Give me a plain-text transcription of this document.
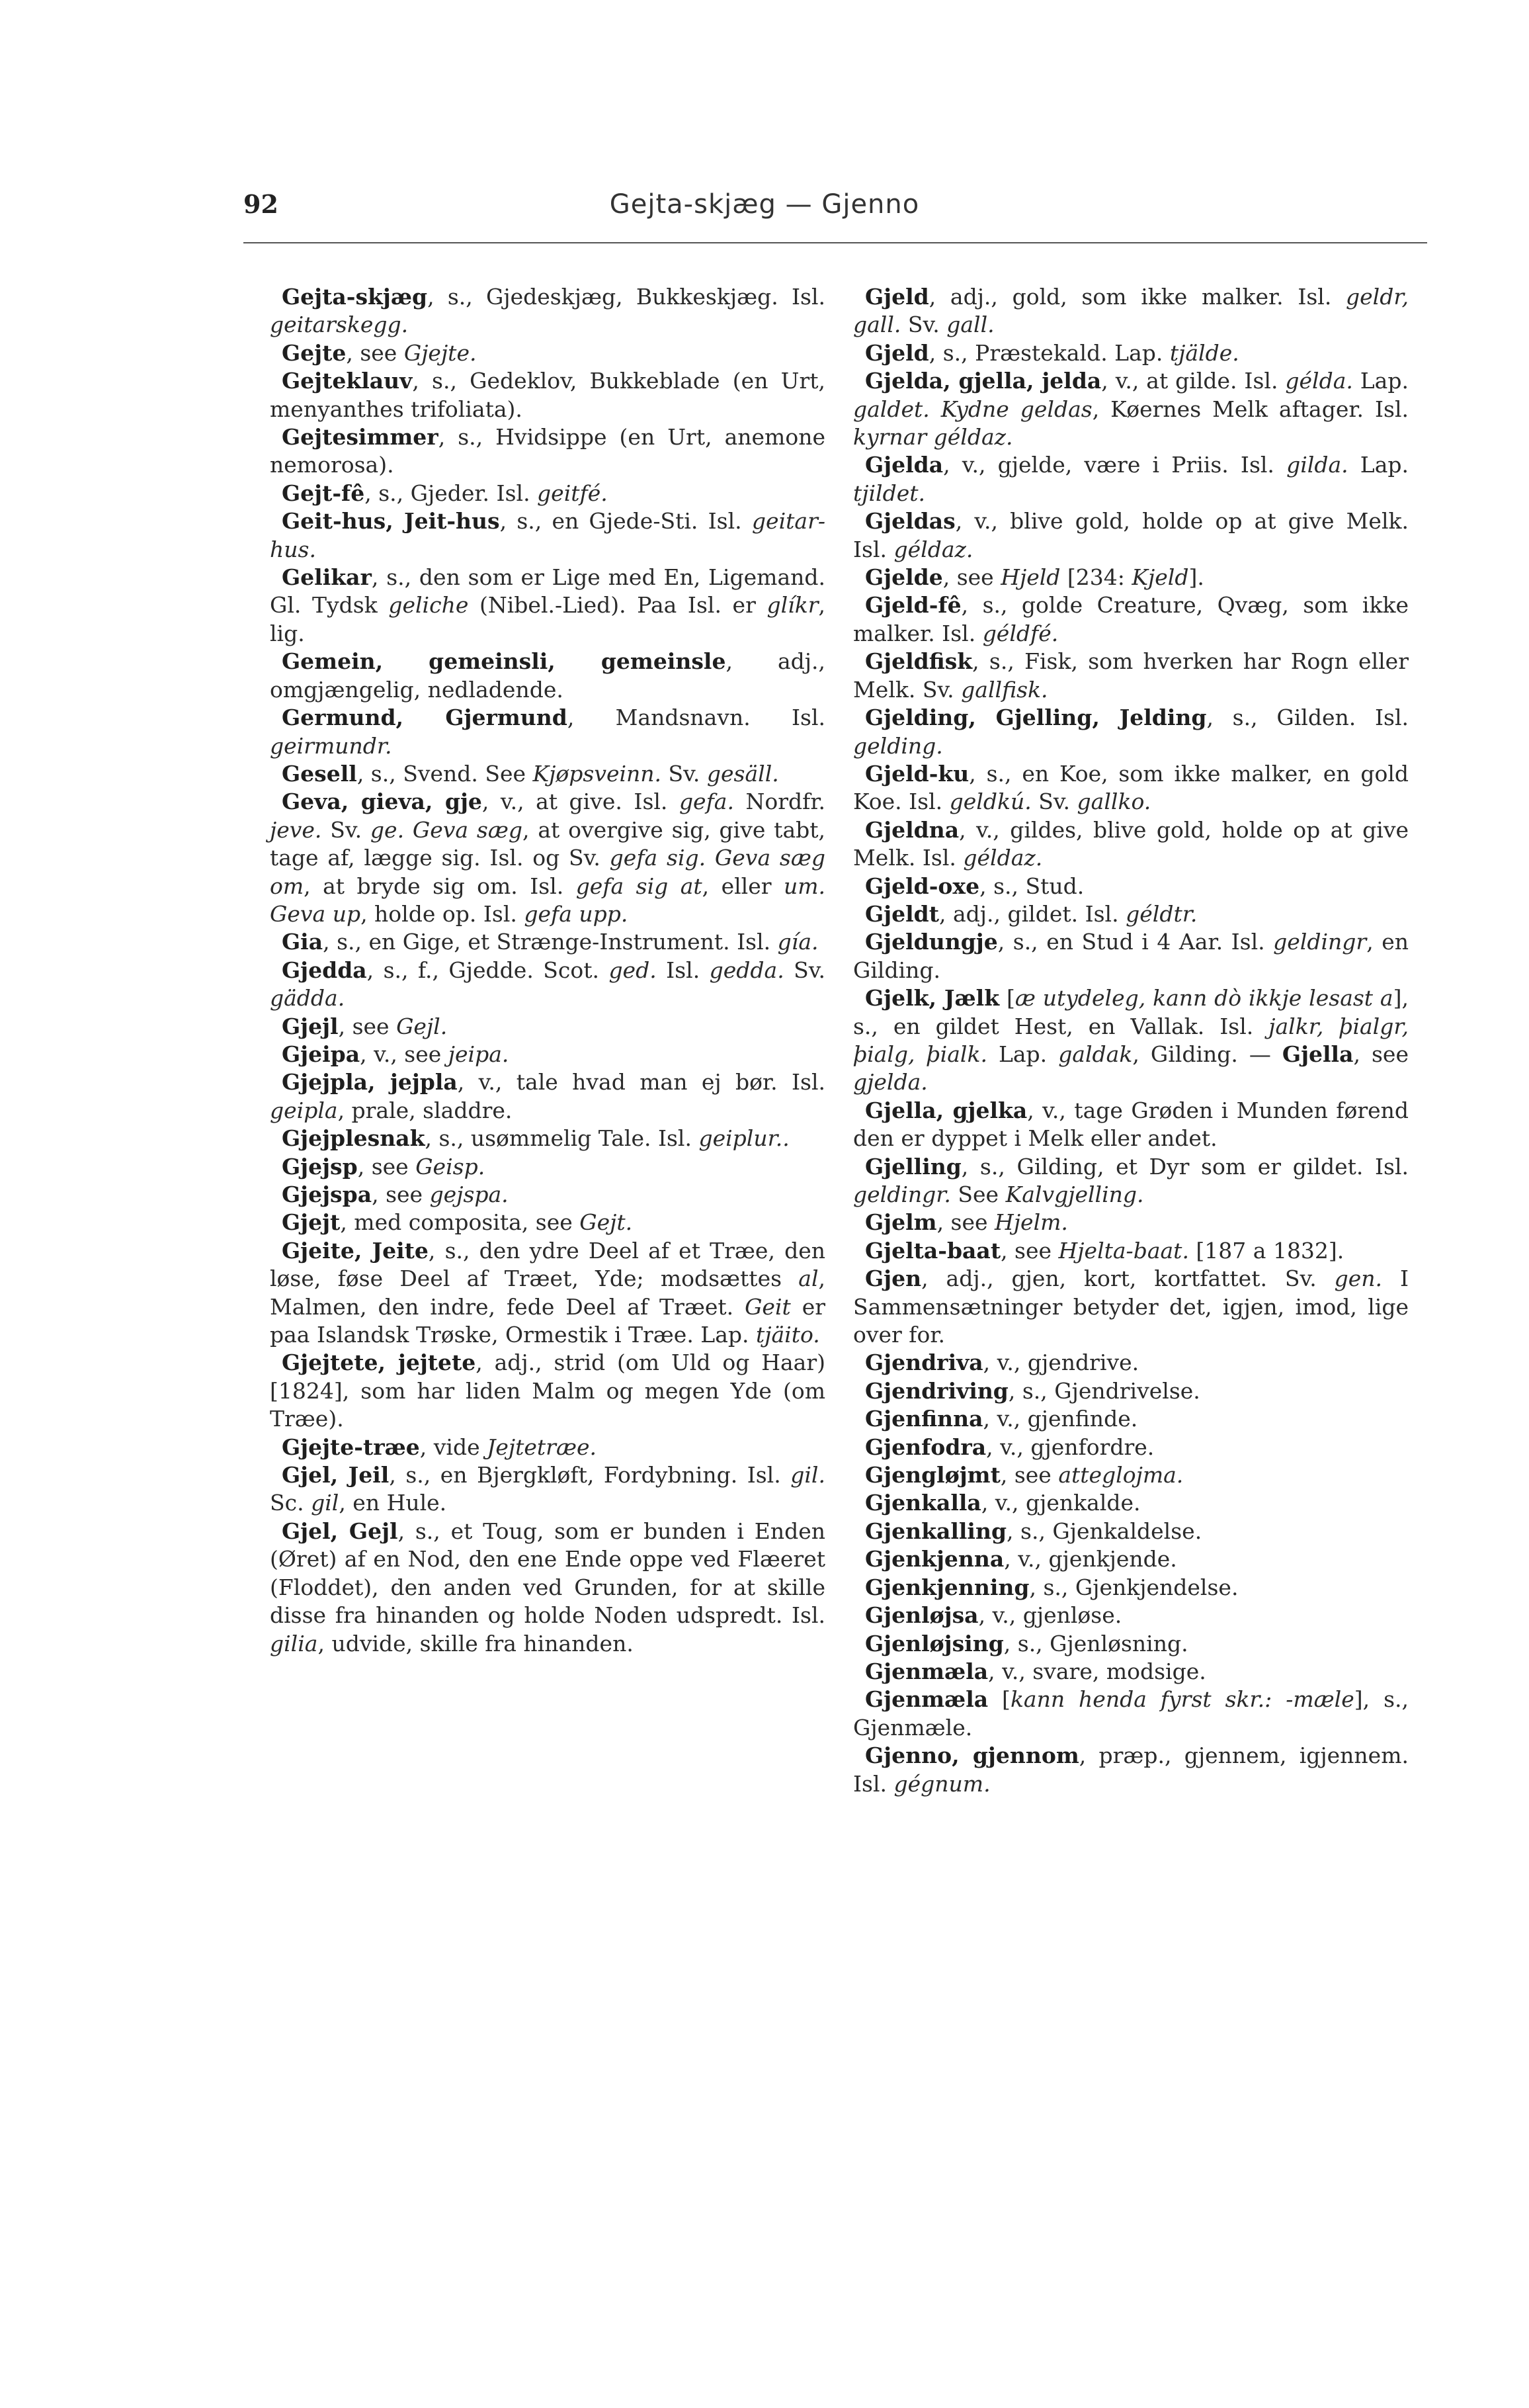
92	Gejta-skjæg — Gjenno

Gejta-skjæg, s., Gjedeskjæg, Bukkeskjæg. Isl. geitarskegg.

Gejte, see Gjejte.

Gejteklauv, s., Gedeklov, Bukkeblade (en Urt, menyanthes trifoliata).

Gejtesimmer, s., Hvidsippe (en Urt, anemone nemorosa).

Gejt-fê, s., Gjeder. Isl. geitfé.

Geit-hus, Jeit-hus, s., en Gjede-Sti. Isl. geitar-hus.

Gelikar, s., den som er Lige med En, Ligemand. Gl. Tydsk geliche (Nibel.-Lied). Paa Isl. er glíkr, lig.

Gemein, gemeinsli, gemeinsle, adj., omgjængelig, nedladende.

Germund, Gjermund, Mandsnavn. Isl. geirmundr.

Gesell, s., Svend. See Kjøpsveinn. Sv. gesäll.

Geva, gieva, gje, v., at give. Isl. gefa. Nordfr. jeve. Sv. ge. Geva sæg, at overgive sig, give tabt, tage af, lægge sig. Isl. og Sv. gefa sig. Geva sæg om, at bryde sig om. Isl. gefa sig at, eller um. Geva up, holde op. Isl. gefa upp.

Gia, s., en Gige, et Strænge-Instrument. Isl. gía.

Gjedda, s., f., Gjedde. Scot. ged. Isl. gedda. Sv. gädda.

Gjejl, see Gejl.

Gjeipa, v., see jeipa.

Gjejpla, jejpla, v., tale hvad man ej bør. Isl. geipla, prale, sladdre.

Gjejplesnak, s., usømmelig Tale. Isl. geiplur..

Gjejsp, see Geisp.

Gjejspa, see gejspa.

Gjejt, med composita, see Gejt.

Gjeite, Jeite, s., den ydre Deel af et Træe, den løse, føse Deel af Træet, Yde; modsættes al, Malmen, den indre, fede Deel af Træet. Geit er paa Islandsk Trøske, Ormestik i Træe. Lap. tjäito.

Gjejtete, jejtete, adj., strid (om Uld og Haar) [1824], som har liden Malm og megen Yde (om Træe).

Gjejte-træe, vide Jejtetræe.

Gjel, Jeil, s., en Bjergkløft, Fordybning. Isl. gil. Sc. gil, en Hule.

Gjel, Gejl, s., et Toug, som er bunden i Enden (Øret) af en Nod, den ene Ende oppe ved Flæeret (Floddet), den anden ved Grunden, for at skille disse fra hinanden og holde Noden udspredt. Isl. gilia, udvide, skille fra hinanden.

Gjeld, adj., gold, som ikke malker. Isl. geldr, gall. Sv. gall.

Gjeld, s., Præstekald. Lap. tjälde.

Gjelda, gjella, jelda, v., at gilde. Isl. gélda. Lap. galdet. Kydne geldas, Køernes Melk aftager. Isl. kyrnar géldaz.

Gjelda, v., gjelde, være i Priis. Isl. gilda. Lap. tjildet.

Gjeldas, v., blive gold, holde op at give Melk. Isl. géldaz.

Gjelde, see Hjeld [234: Kjeld].

Gjeld-fê, s., golde Creature, Qvæg, som ikke malker. Isl. géldfé.

Gjeldfisk, s., Fisk, som hverken har Rogn eller Melk. Sv. gallfisk.

Gjelding, Gjelling, Jelding, s., Gilden. Isl. gelding.

Gjeld-ku, s., en Koe, som ikke malker, en gold Koe. Isl. geldkú. Sv. gallko.

Gjeldna, v., gildes, blive gold, holde op at give Melk. Isl. géldaz.

Gjeld-oxe, s., Stud.

Gjeldt, adj., gildet. Isl. géldtr.

Gjeldungje, s., en Stud i 4 Aar. Isl. geldingr, en Gilding.

Gjelk, Jælk [æ utydeleg, kann dò ikkje lesast a], s., en gildet Hest, en Vallak. Isl. jalkr, þialgr, þialg, þialk. Lap. galdak, Gilding. — Gjella, see gjelda.

Gjella, gjelka, v., tage Grøden i Munden førend den er dyppet i Melk eller andet.

Gjelling, s., Gilding, et Dyr som er gildet. Isl. geldingr. See Kalvgjelling.

Gjelm, see Hjelm.

Gjelta-baat, see Hjelta-baat. [187 a 1832].

Gjen, adj., gjen, kort, kortfattet. Sv. gen. I Sammensætninger betyder det, igjen, imod, lige over for.

Gjendriva, v., gjendrive.

Gjendriving, s., Gjendrivelse.

Gjenfinna, v., gjenfinde.

Gjenfodra, v., gjenfordre.

Gjengløjmt, see atteglojma.

Gjenkalla, v., gjenkalde.

Gjenkalling, s., Gjenkaldelse.

Gjenkjenna, v., gjenkjende.

Gjenkjenning, s., Gjenkjendelse.

Gjenløjsa, v., gjenløse.

Gjenløjsing, s., Gjenløsning.

Gjenmæla, v., svare, modsige.

Gjenmæla [kann henda fyrst skr.: -mæle], s., Gjenmæle.

Gjenno, gjennom, præp., gjennem, igjennem. Isl. gégnum.
